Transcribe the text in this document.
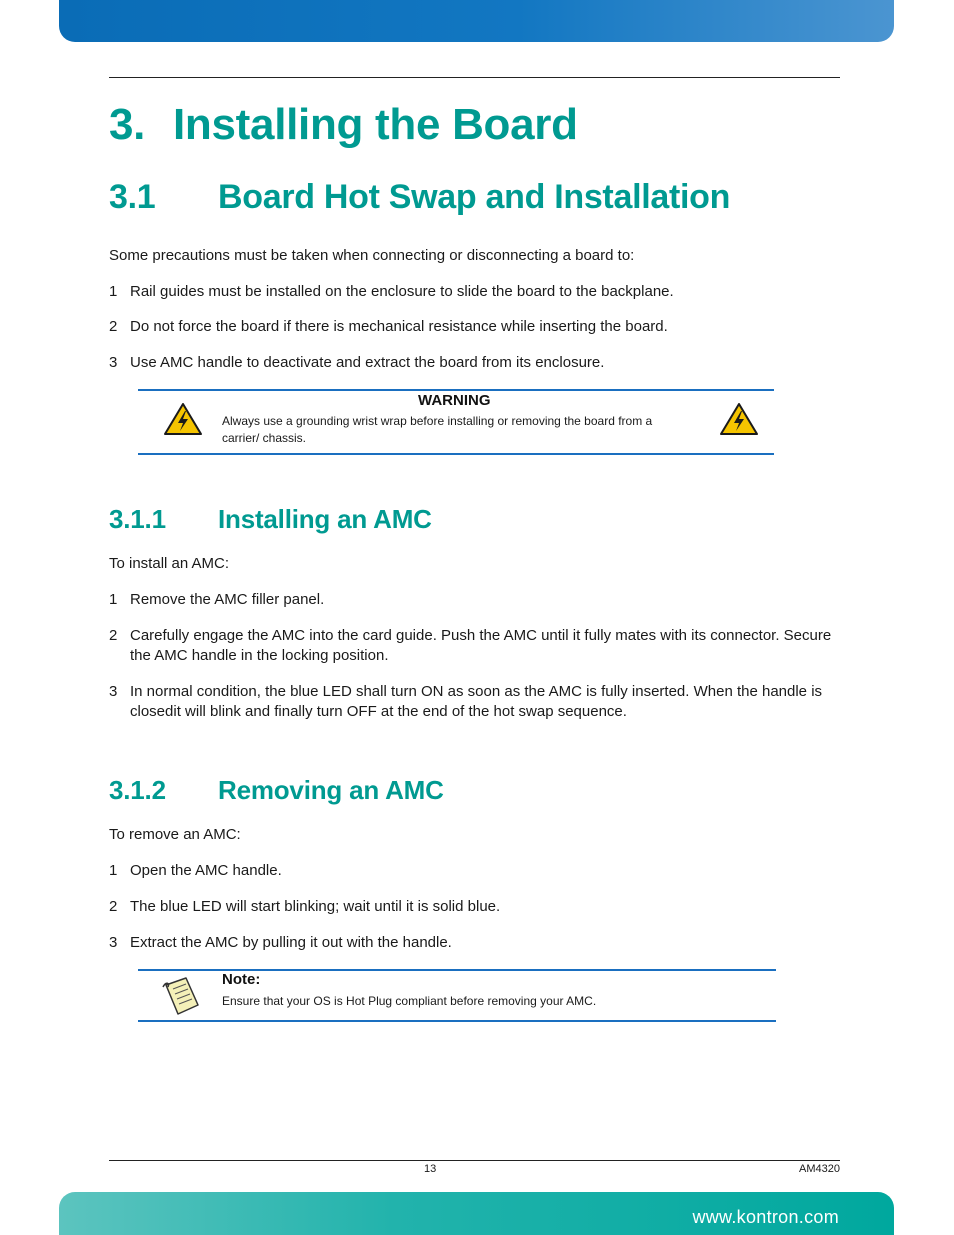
3. Installing the Board
3.1 Board Hot Swap and Installation

Some precautions must be taken when connecting or disconnecting a board to:

1 Rail guides must be installed on the enclosure to slide the board to the backplane.
2 Do not force the board if there is mechanical resistance while inserting the board.
3 Use AMC handle to deactivate and extract the board from its enclosure.
WARNING
Always use a grounding wrist wrap before installing or removing the board from a carrier/ chassis.
3.1.1 Installing an AMC

To install an AMC:

1 Remove the AMC filler panel.
2 Carefully engage the AMC into the card guide. Push the AMC until it fully mates with its connector. Secure the AMC handle in the locking position.
3 In normal condition, the blue LED shall turn ON as soon as the AMC is fully inserted. When the handle is closedit will blink and finally turn OFF at the end of the hot swap sequence.
3.1.2 Removing an AMC

To remove an AMC:

1 Open the AMC handle.
2 The blue LED will start blinking; wait until it is solid blue.
3 Extract the AMC by pulling it out with the handle.
Note:
Ensure that your OS is Hot Plug compliant before removing your AMC.
13	AM4320
www.kontron.com
